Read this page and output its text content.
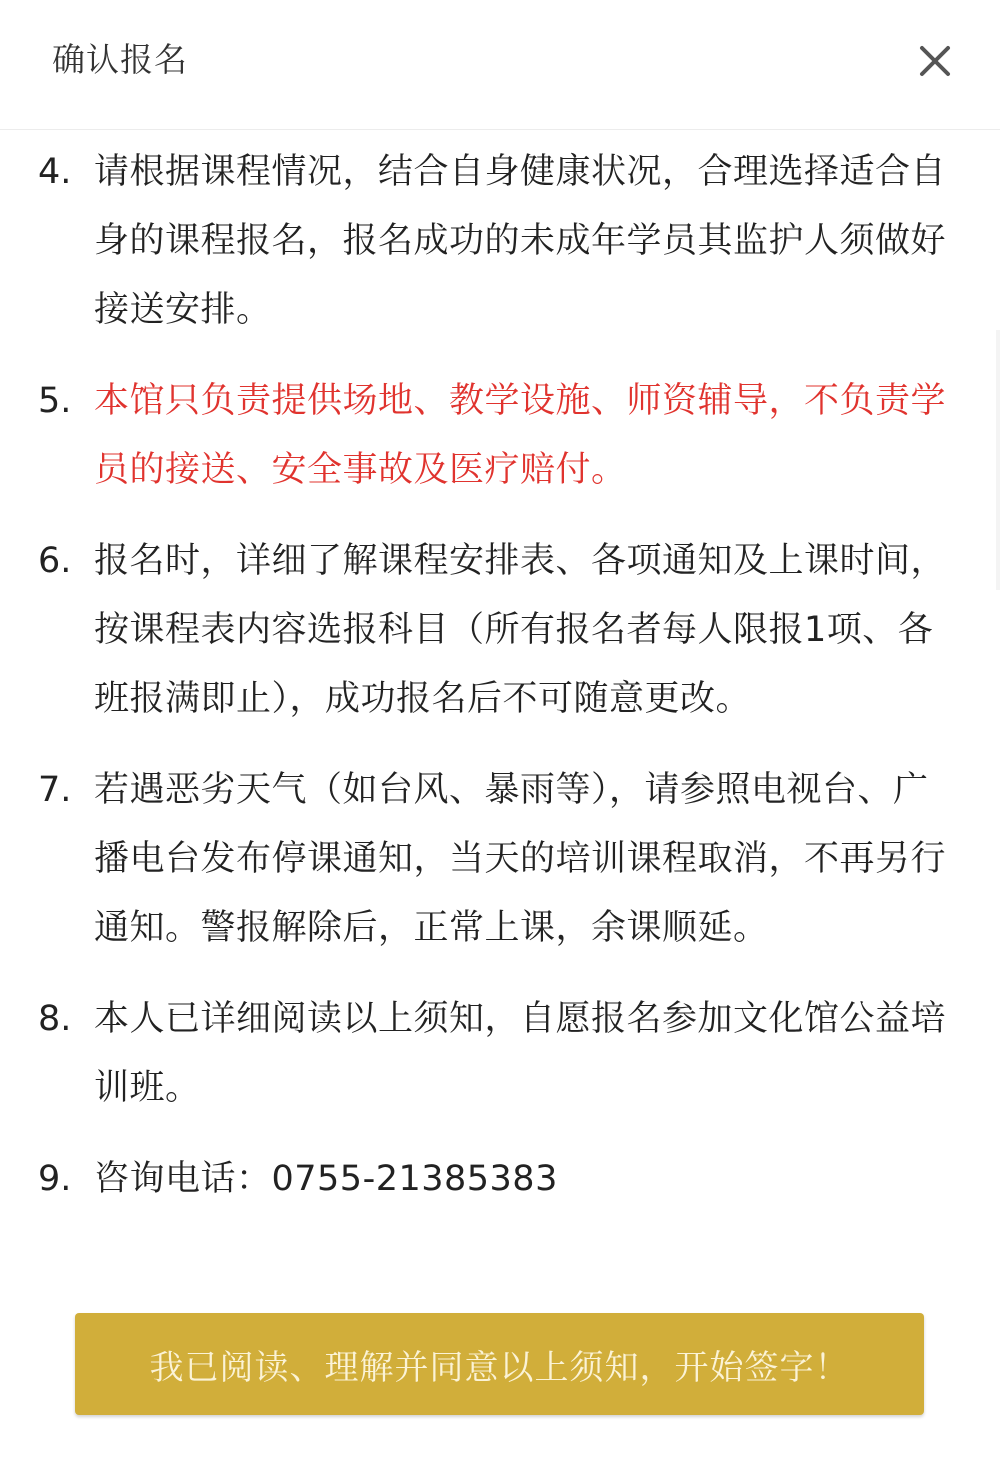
确认报名
4. 请根据课程情况，结合自身健康状况，合理选择适合自身的课程报名，报名成功的未成年学员其监护人须做好接送安排。
5. 本馆只负责提供场地、教学设施、师资辅导，不负责学员的接送、安全事故及医疗赔付。
6. 报名时，详细了解课程安排表、各项通知及上课时间，按课程表内容选报科目（所有报名者每人限报1项、各班报满即止），成功报名后不可随意更改。
7. 若遇恶劣天气（如台风、暴雨等），请参照电视台、广播电台发布停课通知，当天的培训课程取消，不再另行通知。警报解除后，正常上课，余课顺延。
8. 本人已详细阅读以上须知，自愿报名参加文化馆公益培训班。
9. 咨询电话：0755-21385383
我已阅读、理解并同意以上须知，开始签字！
